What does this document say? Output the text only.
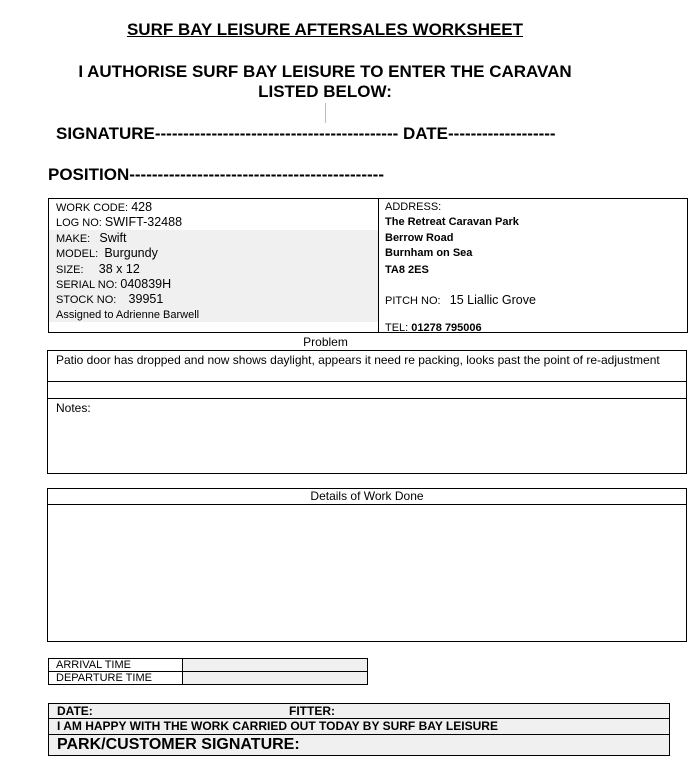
SURF BAY LEISURE AFTERSALES WORKSHEET
I AUTHORISE SURF BAY LEISURE TO ENTER THE CARAVAN
LISTED BELOW:
SIGNATURE------------------------------------------- DATE-------------------
POSITION---------------------------------------------
WORK CODE: 428
LOG NO: SWIFT-32488
MAKE: Swift
MODEL: Burgundy
SIZE: 38 x 12
SERIAL NO: 040839H
STOCK NO: 39951
Assigned to Adrienne Barwell
ADDRESS:
The Retreat Caravan Park
Berrow Road
Burnham on Sea
TA8 2ES
PITCH NO: 15 Liallic Grove
TEL: 01278 795006
Problem
Patio door has dropped and now shows daylight, appears it need re packing, looks past the point of re-adjustment
Notes:
Details of Work Done
ARRIVAL TIME	
DEPARTURE TIME	
DATE:	FITTER:
I AM HAPPY WITH THE WORK CARRIED OUT TODAY BY SURF BAY LEISURE
PARK/CUSTOMER SIGNATURE:
